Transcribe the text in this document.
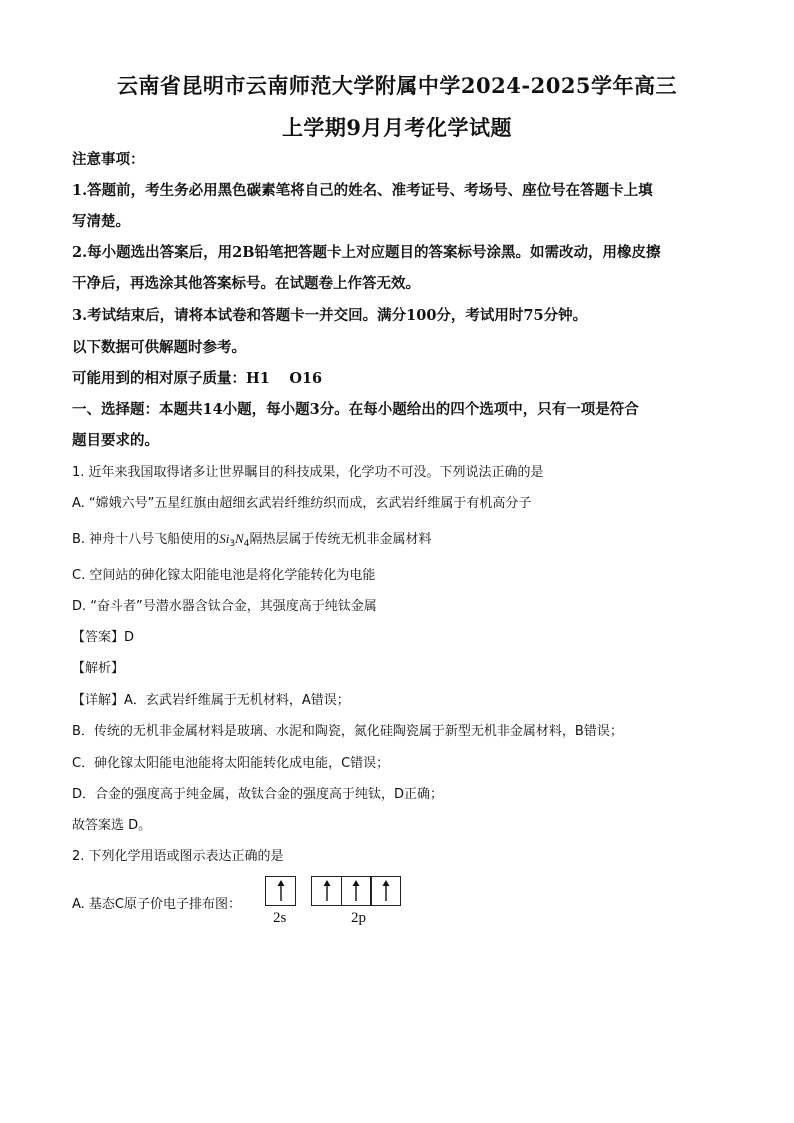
云南省昆明市云南师范大学附属中学2024-2025学年高三
上学期9月月考化学试题
注意事项：
1.答题前，考生务必用黑色碳素笔将自己的姓名、准考证号、考场号、座位号在答题卡上填
写清楚。
2.每小题选出答案后，用2B铅笔把答题卡上对应题目的答案标号涂黑。如需改动，用橡皮擦
干净后，再选涂其他答案标号。在试题卷上作答无效。
3.考试结束后，请将本试卷和答题卡一并交回。满分100分，考试用时75分钟。
以下数据可供解题时参考。
可能用到的相对原子质量：H1　 O16
一、选择题：本题共14小题，每小题3分。在每小题给出的四个选项中，只有一项是符合
题目要求的。
1. 近年来我国取得诸多让世界瞩目的科技成果，化学功不可没。下列说法正确的是
A. “嫦娥六号”五星红旗由超细玄武岩纤维纺织而成，玄武岩纤维属于有机高分子
B. 神舟十八号飞船使用的$Si_3N_4$隔热层属于传统无机非金属材料
C. 空间站的砷化镓太阳能电池是将化学能转化为电能
D. “奋斗者”号潜水器含钛合金，其强度高于纯钛金属
【答案】D
【解析】
【详解】A．玄武岩纤维属于无机材料，A错误；
B．传统的无机非金属材料是玻璃、水泥和陶瓷，氮化硅陶瓷属于新型无机非金属材料，B错误；
C．砷化镓太阳能电池能将太阳能转化成电能，C错误；
D．合金的强度高于纯金属，故钛合金的强度高于纯钛，D正确；
故答案选 D。
2. 下列化学用语或图示表达正确的是
A. 基态C原子价电子排布图：
2s	2p
